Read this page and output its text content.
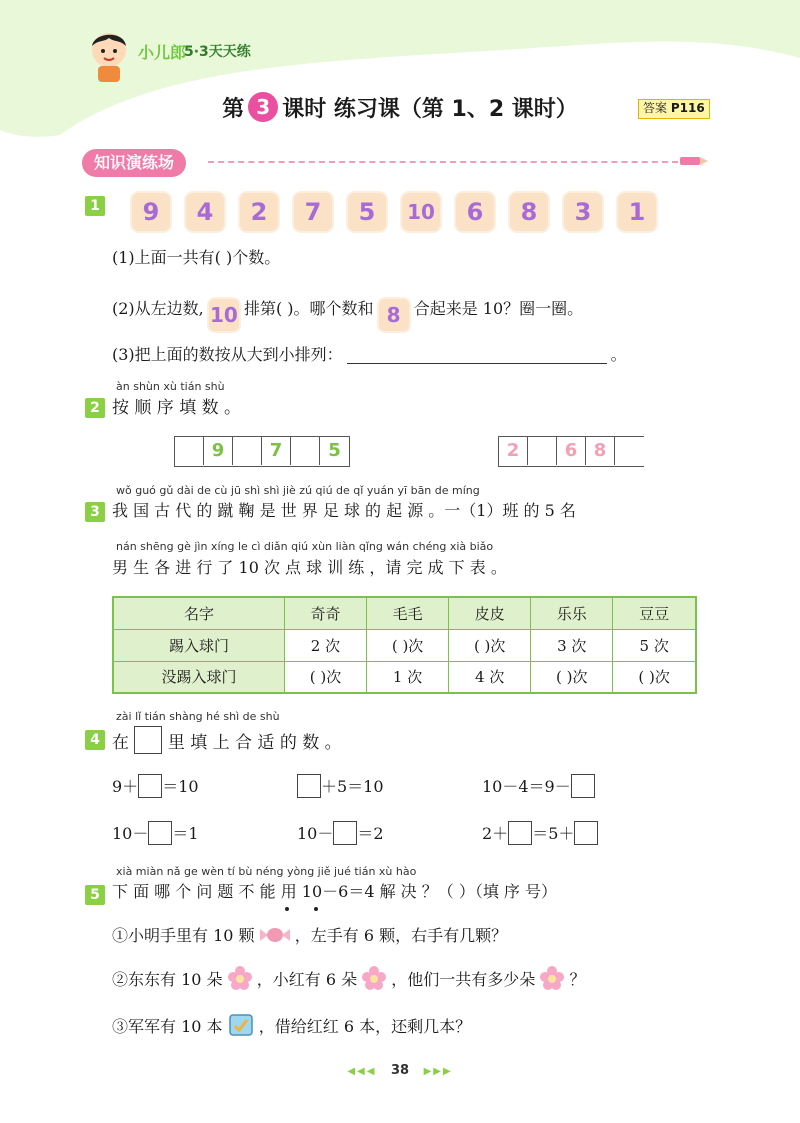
小儿郎
5·3天天练
第 3 课时 练习课（第 1、2 课时）	答案 P116
知识演练场
1	9	4	2	7	5	10	6	8	3	1
(1)上面一共有( )个数。
(2)从左边数, 10 排第( )。哪个数和 8 合起来是 10？圈一圈。
(3)把上面的数按从大到小排列：	。
àn shùn xù tián shù
2 按 顺 序 填 数 。
9	7	5	2	6 8
wǒ guó gǔ dài de cù jū shì shì jiè zú qiú de qǐ yuán yī bān de míng
3 我 国 古 代 的 蹴 鞠 是 世 界 足 球 的 起 源 。一（1）班 的 5 名
nán shēng gè jìn xíng le cì diǎn qiú xùn liàn qǐng wán chéng xià biǎo
男 生 各 进 行 了 10 次 点 球 训 练 ，请 完 成 下 表 。
名字	奇奇	毛毛	皮皮	乐乐	豆豆
踢入球门	2 次	( )次	( )次	3 次	5 次
没踢入球门	( )次	1 次	4 次	( )次	( )次
zài lǐ tián shàng hé shì de shù
4 在 里 填 上 合 适 的 数 。
9＋ ＝10	＋5＝10	10－4＝9－
10－ ＝1	10－ ＝2	2＋ ＝5＋
xià miàn nǎ ge wèn tí bù néng yòng jiě jué tián xù hào
5 下 面 哪 个 问 题 不 能 用 10－6＝4 解 决 ？（ ）（填 序 号）
①小明手里有 10 颗	，左手有 6 颗，右手有几颗？
②东东有 10 朵 ，小红有 6 朵 ，他们一共有多少朵 ？
③军军有 10 本 ，借给红红 6 本，还剩几本？
◀◀◀ 38 ▶▶▶
